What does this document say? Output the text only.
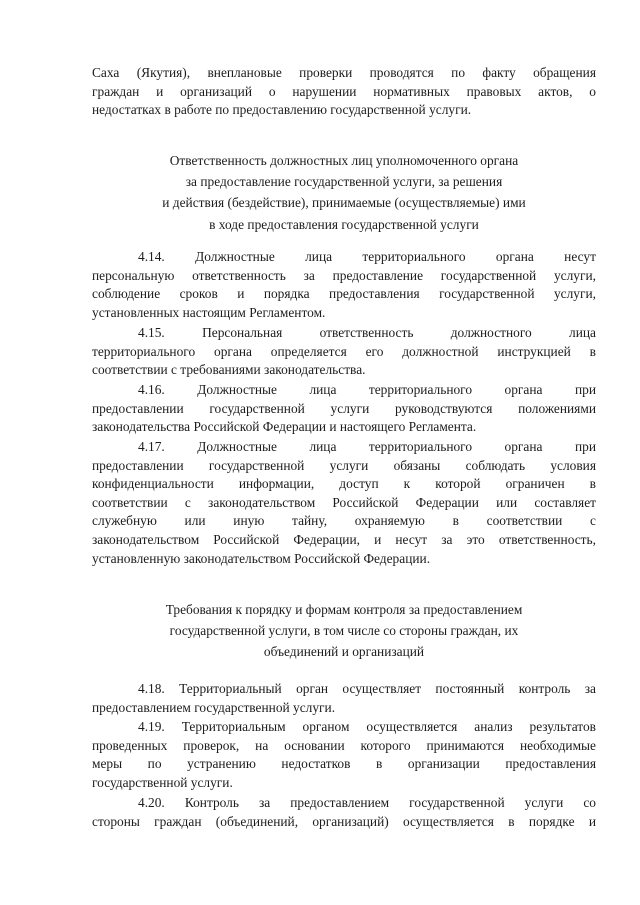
Саха (Якутия), внеплановые проверки проводятся по факту обращения
граждан и организаций о нарушении нормативных правовых актов, о
недостатках в работе по предоставлению государственной услуги.
Ответственность должностных лиц уполномоченного органа
за предоставление государственной услуги, за решения
и действия (бездействие), принимаемые (осуществляемые) ими
в ходе предоставления государственной услуги
4.14. Должностные лица территориального органа несут
персональную ответственность за предоставление государственной услуги,
соблюдение сроков и порядка предоставления государственной услуги,
установленных настоящим Регламентом.
4.15.	Персональная	ответственность	должностного	лица
территориального органа определяется его должностной инструкцией в
соответствии с требованиями законодательства.
4.16. Должностные лица территориального органа при
предоставлении государственной услуги руководствуются положениями
законодательства Российской Федерации и настоящего Регламента.
4.17. Должностные лица территориального органа при
предоставлении государственной услуги обязаны соблюдать условия
конфиденциальности информации, доступ к которой ограничен в
соответствии с законодательством Российской Федерации или составляет
служебную или иную тайну, охраняемую в соответствии с
законодательством Российской Федерации, и несут за это ответственность,
установленную законодательством Российской Федерации.
Требования к порядку и формам контроля за предоставлением
государственной услуги, в том числе со стороны граждан, их
объединений и организаций
4.18. Территориальный орган осуществляет постоянный контроль за
предоставлением государственной услуги.
4.19. Территориальным органом осуществляется анализ результатов
проведенных проверок, на основании которого принимаются необходимые
меры по устранению недостатков в организации предоставления
государственной услуги.
4.20. Контроль за предоставлением государственной услуги со
стороны граждан (объединений, организаций) осуществляется в порядке и
